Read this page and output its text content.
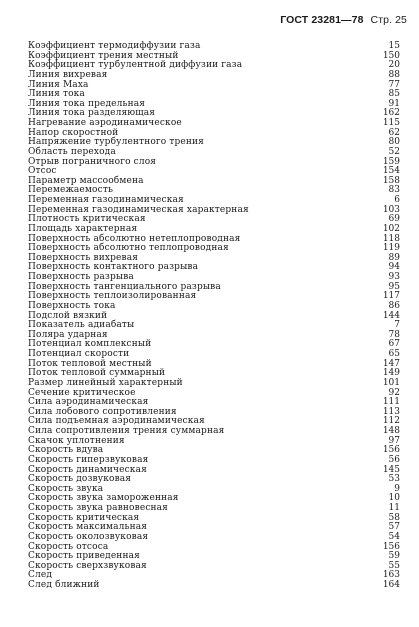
ГОСТ 23281—78 Стр. 25
Коэффициент термодиффузии газа	15
Коэффициент трения местный	150
Коэффициент турбулентной диффузии газа	20
Линия вихревая	88
Линия Маха	77
Линия тока	85
Линия тока предельная	91
Линия тока разделяющая	162
Нагревание аэродинамическое	115
Напор скоростной	62
Напряжение турбулентного трения	80
Область перехода	52
Отрыв пограничного слоя	159
Отсос	154
Параметр массообмена	158
Перемежаемость	83
Переменная газодинамическая	6
Переменная газодинамическая характерная	103
Плотность критическая	69
Площадь характерная	102
Поверхность абсолютно нетеплопроводная	118
Поверхность абсолютно теплопроводная	119
Поверхность вихревая	89
Поверхность контактного разрыва	94
Поверхность разрыва	93
Поверхность тангенциального разрыва	95
Поверхность теплоизолированная	117
Поверхность тока	86
Подслой вязкий	144
Показатель адиабаты	7
Поляра ударная	78
Потенциал комплексный	67
Потенциал скорости	65
Поток тепловой местный	147
Поток тепловой суммарный	149
Размер линейный характерный	101
Сечение критическое	92
Сила аэродинамическая	111
Сила лобового сопротивления	113
Сила подъемная аэродинамическая	112
Сила сопротивления трения суммарная	148
Скачок уплотнения	97
Скорость вдува	156
Скорость гиперзвуковая	56
Скорость динамическая	145
Скорость дозвуковая	53
Скорость звука	9
Скорость звука замороженная	10
Скорость звука равновесная	11
Скорость критическая	58
Скорость максимальная	57
Скорость околозвуковая	54
Скорость отсоса	156
Скорость приведенная	59
Скорость сверхзвуковая	55
След	163
След ближний	164
